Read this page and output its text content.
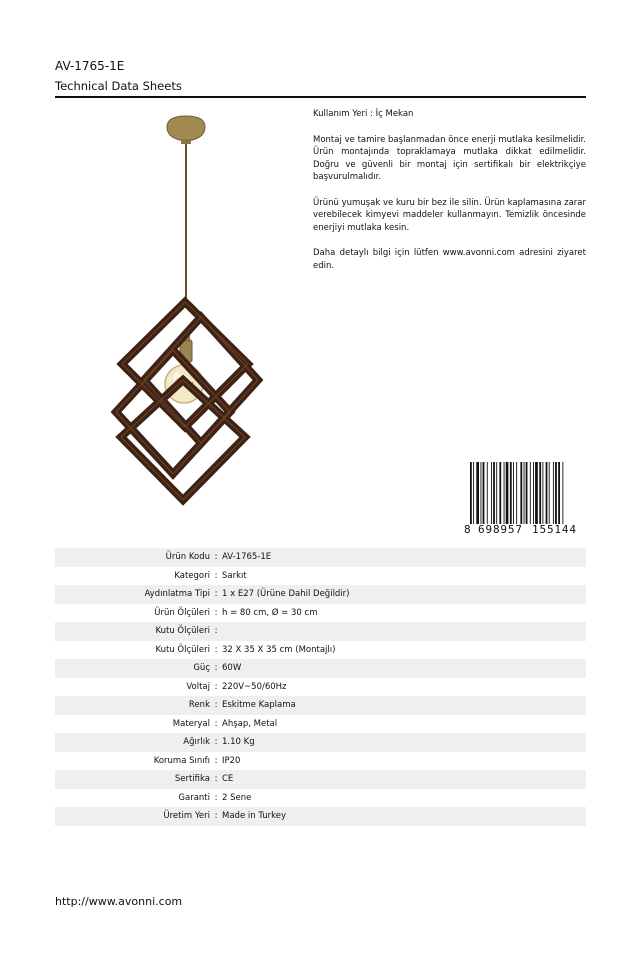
AV-1765-1E
Technical Data Sheets

Kullanım Yeri : İç Mekan

Montaj ve tamire başlanmadan önce enerji mutlaka kesilmelidir. Ürün montajında topraklamaya mutlaka dikkat edilmelidir. Doğru ve güvenli bir montaj için sertifikalı bir elektrikçiye başvurulmalıdır.

Ürünü yumuşak ve kuru bir bez ile silin. Ürün kaplamasına zarar verebilecek kimyevi maddeler kullanmayın. Temizlik öncesinde enerjiyi mutlaka kesin.

Daha detaylı bilgi için lütfen www.avonni.com adresini ziyaret edin.

8 698957 155144
Ürün Kodu : AV-1765-1E
Kategori : Sarkıt
Aydınlatma Tipi : 1 x E27 (Ürüne Dahil Değildir)
Ürün Ölçüleri : h = 80 cm, Ø = 30 cm
Kutu Ölçüleri :
Kutu Ölçüleri : 32 X 35 X 35 cm (Montajlı)
Güç : 60W
Voltaj : 220V~50/60Hz
Renk : Eskitme Kaplama
Materyal : Ahşap, Metal
Ağırlık : 1.10 Kg
Koruma Sınıfı : IP20
Sertifika : CE
Garanti : 2 Sene
Üretim Yeri : Made in Turkey
http://www.avonni.com
